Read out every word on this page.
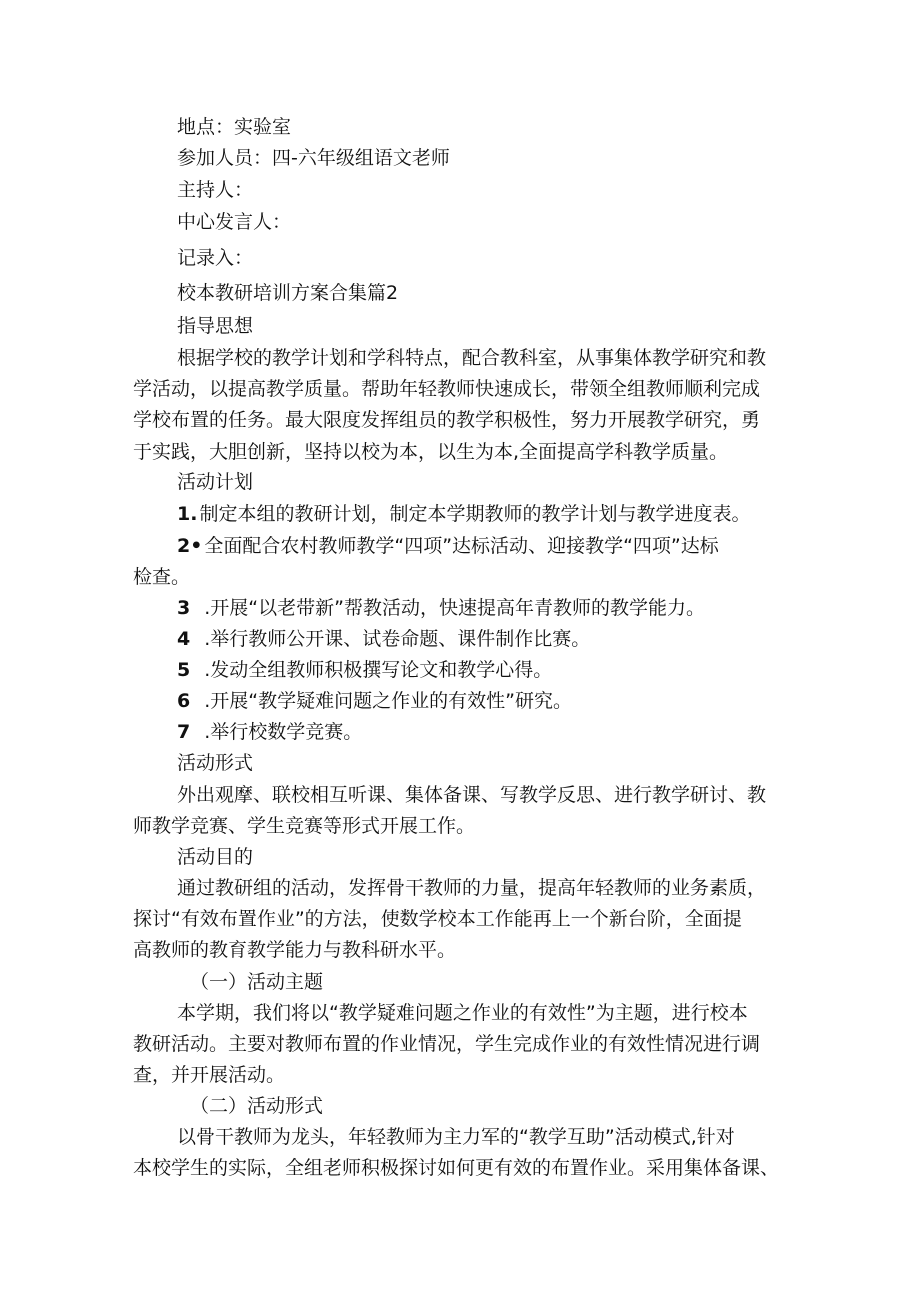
地点：实验室
参加人员：四-六年级组语文老师
主持人：
中心发言人：
记录入：
校本教研培训方案合集篇2
指导思想
根据学校的教学计划和学科特点，配合教科室，从事集体教学研究和教
学活动，以提高教学质量。帮助年轻教师快速成长，带领全组教师顺利完成
学校布置的任务。最大限度发挥组员的教学积极性，努力开展教学研究，勇
于实践，大胆创新，坚持以校为本，以生为本,全面提高学科教学质量。
活动计划
1. 制定本组的教研计划，制定本学期教师的教学计划与教学进度表。
2• 全面配合农村教师教学“四项”达标活动、迎接教学“四项”达标
检查。
3 .开展“以老带新”帮教活动，快速提高年青教师的教学能力。
4 .举行教师公开课、试卷命题、课件制作比赛。
5 .发动全组教师积极撰写论文和教学心得。
6 .开展“教学疑难问题之作业的有效性”研究。
7 .举行校数学竞赛。
活动形式
外出观摩、联校相互听课、集体备课、写教学反思、进行教学研讨、教
师教学竞赛、学生竞赛等形式开展工作。
活动目的
通过教研组的活动，发挥骨干教师的力量，提高年轻教师的业务素质，
探讨“有效布置作业”的方法，使数学校本工作能再上一个新台阶，全面提
高教师的教育教学能力与教科研水平。
（一）活动主题
本学期，我们将以“教学疑难问题之作业的有效性”为主题，进行校本
教研活动。主要对教师布置的作业情况，学生完成作业的有效性情况进行调
查，并开展活动。
（二）活动形式
以骨干教师为龙头，年轻教师为主力军的“教学互助”活动模式,针对
本校学生的实际，全组老师积极探讨如何更有效的布置作业。采用集体备课、
